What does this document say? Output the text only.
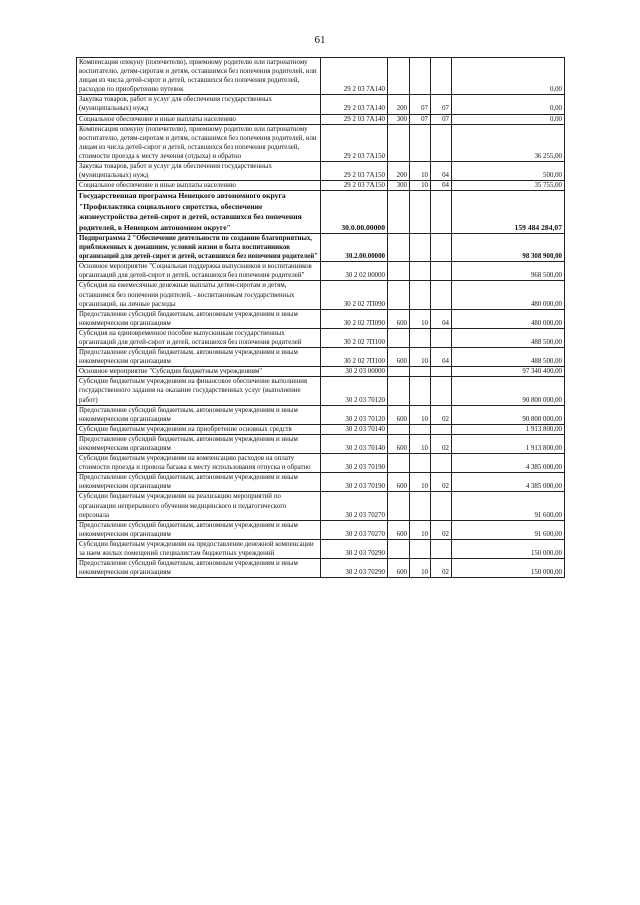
61
Компенсация опекуну (попечителю), приемному родителю или патронатному воспитателю, детям-сиротам и детям, оставшимся без попечения родителей, или лицам из числа детей-сирот и детей, оставшихся без попечения родителей, расходов по приобретению путевок	29 2 03 7А140				0,00
Закупка товаров, работ и услуг для обеспечения государственных (муниципальных) нужд	29 2 03 7А140	200	07	07	0,00
Социальное обеспечение и иные выплаты населению	29 2 03 7А140	300	07	07	0,00
Компенсация опекуну (попечителю), приемному родителю или патронатному воспитателю, детям-сиротам и детям, оставшимся без попечения родителей, или лицам из числа детей-сирот и детей, оставшихся без попечения родителей, стоимости проезда к месту лечения (отдыха) и обратно	29 2 03 7А150				36 255,00
Закупка товаров, работ и услуг для обеспечения государственных (муниципальных) нужд	29 2 03 7А150	200	10	04	500,00
Социальное обеспечение и иные выплаты населению	29 2 03 7А150	300	10	04	35 755,00
Государственная программа Ненецкого автономного округа "Профилактика социального сиротства, обеспечение жизнеустройства детей-сирот и детей, оставшихся без попечения родителей, в Ненецком автономном округе"	30.0.00.00000				159 484 284,07
Подпрограмма 2 "Обеспечение деятельности по созданию благоприятных, приближенных к домашним, условий жизни и быта воспитанников организаций для детей-сирот и детей, оставшихся без попечения родителей"	30.2.00.00000				98 308 900,00
Основное мероприятие "Социальная поддержка выпускников и воспитанников организаций для детей-сирот и детей, оставшихся без попечения родителей"	30 2 02 00000				968 500,00
Субсидия на ежемесячные денежные выплаты детям-сиротам и детям, оставшимся без попечения родителей, - воспитанникам государственных организаций, на личные расходы	30 2 02 7П090				480 000,00
Предоставление субсидий бюджетным, автономным учреждениям и иным некоммерческим организациям	30 2 02 7П090	600	10	04	480 000,00
Субсидия на единовременное пособие выпускникам государственных организаций для детей-сирот и детей, оставшихся без попечения родителей	30 2 02 7П100				488 500,00
Предоставление субсидий бюджетным, автономным учреждениям и иным некоммерческим организациям	30 2 02 7П100	600	10	04	488 500,00
Основное мероприятие "Субсидии бюджетным учреждениям"	30 2 03 00000				97 340 400,00
Субсидии бюджетным учреждениям на финансовое обеспечение выполнения государственного задания на оказание государственных услуг (выполнение работ)	30 2 03 70120				90 800 000,00
Предоставление субсидий бюджетным, автономным учреждениям и иным некоммерческим организациям	30 2 03 70120	600	10	02	90 800 000,00
Субсидии бюджетным учреждениям на приобретение основных средств	30 2 03 70140				1 913 800,00
Предоставление субсидий бюджетным, автономным учреждениям и иным некоммерческим организациям	30 2 03 70140	600	10	02	1 913 800,00
Субсидии бюджетным учреждениям на компенсацию расходов на оплату стоимости проезда и провоза багажа к месту использования отпуска и обратно	30 2 03 70190				4 385 000,00
Предоставление субсидий бюджетным, автономным учреждениям и иным некоммерческим организациям	30 2 03 70190	600	10	02	4 385 000,00
Субсидии бюджетным учреждениям на реализацию мероприятий по организации непрерывного обучения медицинского и педагогического персонала	30 2 03 70270				91 600,00
Предоставление субсидий бюджетным, автономным учреждениям и иным некоммерческим организациям	30 2 03 70270	600	10	02	91 600,00
Субсидии бюджетным учреждениям на предоставление денежной компенсации за наем жилых помещений специалистам бюджетных учреждений	30 2 03 70290				150 000,00
Предоставление субсидий бюджетным, автономным учреждениям и иным некоммерческим организациям	30 2 03 70290	600	10	02	150 000,00
